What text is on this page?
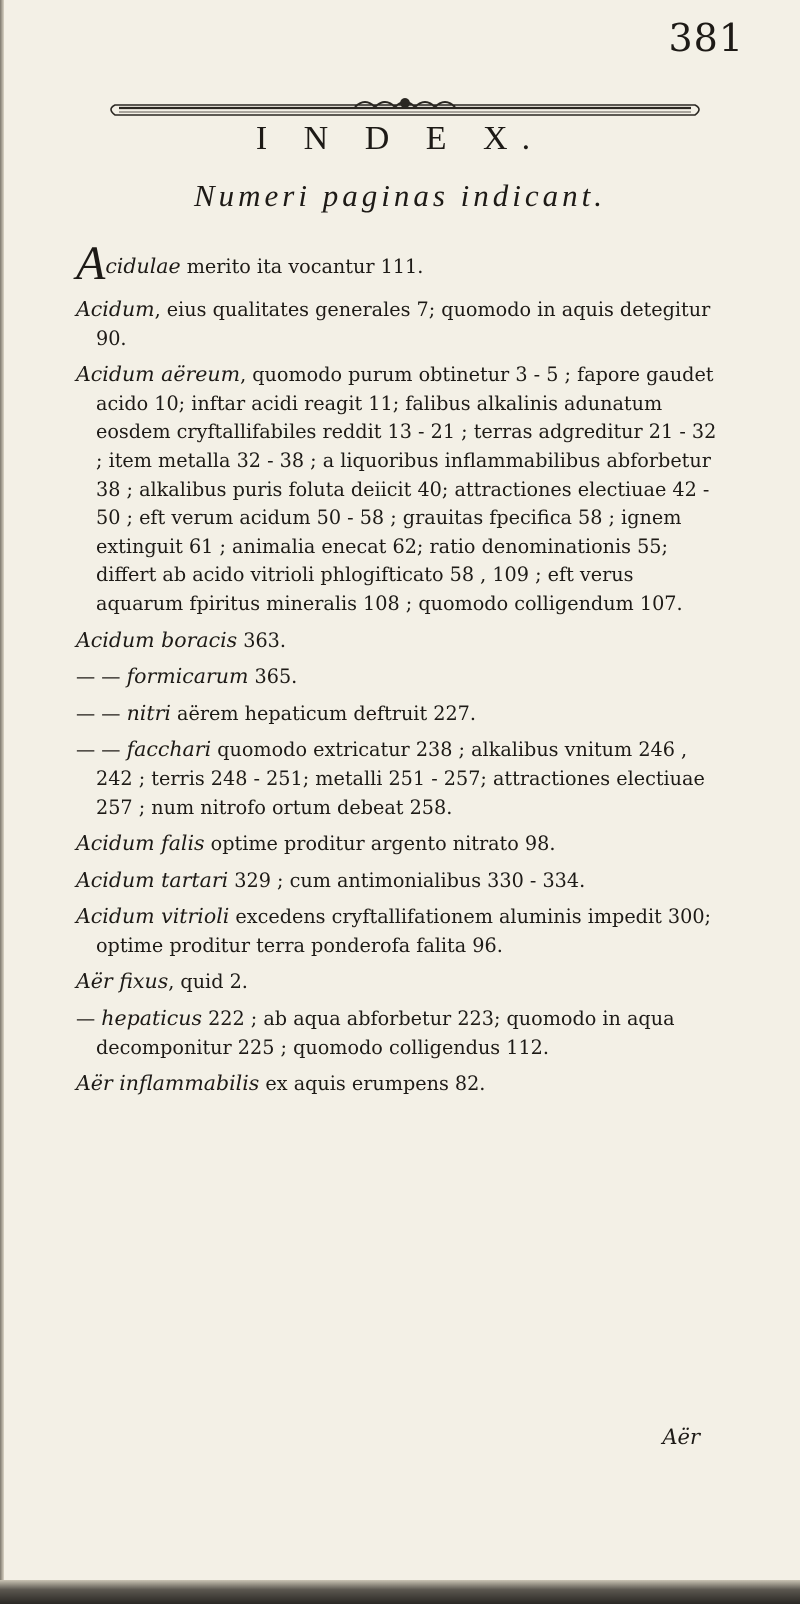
381
I N D E X.
Numeri paginas indicant.

Acidulae merito ita vocantur 111.

Acidum, eius qualitates generales 7; quomodo in aquis detegitur 90.

Acidum aëreum, quomodo purum obtinetur 3 - 5 ; fapore gaudet acido 10; inftar acidi reagit 11; falibus alkalinis adunatum eosdem cryftallifabiles reddit 13 - 21 ; terras adgreditur 21 - 32 ; item metalla 32 - 38 ; a liquoribus inflammabilibus abforbetur 38 ; alkalibus puris foluta deiicit 40; attractiones electiuae 42 - 50 ; eft verum acidum 50 - 58 ; grauitas fpecifica 58 ; ignem extinguit 61 ; animalia enecat 62; ratio denominationis 55; differt ab acido vitrioli phlogifticato 58 , 109 ; eft verus aquarum fpiritus mineralis 108 ; quomodo colligendum 107.

Acidum boracis 363.

— — formicarum 365.

— — nitri aërem hepaticum deftruit 227.

— — facchari quomodo extricatur 238 ; alkalibus vnitum 246 , 242 ; terris 248 - 251; metalli 251 - 257; attractiones electiuae 257 ; num nitrofo ortum debeat 258.

Acidum falis optime proditur argento nitrato 98.

Acidum tartari 329 ; cum antimonialibus 330 - 334.

Acidum vitrioli excedens cryftallifationem aluminis impedit 300; optime proditur terra ponderofa falita 96.

Aër fixus, quid 2.

— hepaticus 222 ; ab aqua abforbetur 223; quomodo in aqua decomponitur 225 ; quomodo colligendus 112.

Aër inflammabilis ex aquis erumpens 82.

Aër
